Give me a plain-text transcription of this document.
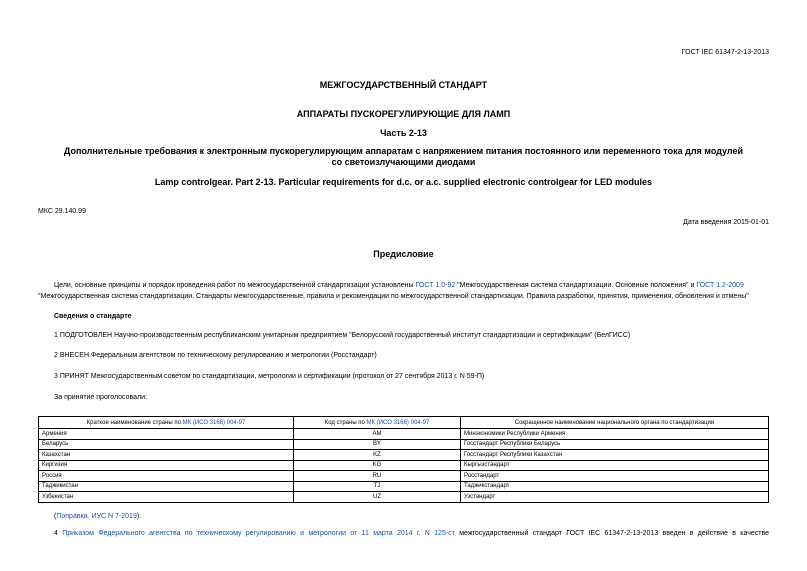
ГОСТ IEC 61347-2-13-2013
МЕЖГОСУДАРСТВЕННЫЙ СТАНДАРТ
АППАРАТЫ ПУСКОРЕГУЛИРУЮЩИЕ ДЛЯ ЛАМП
Часть 2-13
Дополнительные требования к электронным пускорегулирующим аппаратам с напряжением питания постоянного или переменного тока для модулей со светоизлучающими диодами
Lamp controlgear. Part 2-13. Particular requirements for d.c. or a.c. supplied electronic controlgear for LED modules
МКС 29.140.99
Дата введения 2015-01-01
Предисловие
Цели, основные принципы и порядок проведения работ по межгосударственной стандартизации установлены ГОСТ 1.0-92 "Межгосударственная система стандартизации. Основные положения" и ГОСТ 1.2-2009 "Межгосударственная система стандартизации. Стандарты межгосударственные, правила и рекомендации по межгосударственной стандартизации. Правила разработки, принятия, применения, обновления и отмены"
Сведения о стандарте
1 ПОДГОТОВЛЕН Научно-производственным республиканским унитарным предприятием "Белорусский государственный институт стандартизации и сертификации" (БелГИСС)
2 ВНЕСЕН Федеральным агентством по техническому регулированию и метрологии (Росстандарт)
3 ПРИНЯТ Межгосударственным советом по стандартизации, метрологии и сертификации (протокол от 27 сентября 2013 г. N 59-П)
За принятие проголосовали:
Краткое наименование страны по МК (ИСО 3166) 004-97	Код страны по МК (ИСО 3166) 004-97	Сокращенное наименование национального органа по стандартизации
Армения	AM	Минэкономики Республики Армения
Беларусь	BY	Госстандарт Республики Беларусь
Казахстан	KZ	Госстандарт Республики Казахстан
Киргизия	KG	Кыргызстандарт
Россия	RU	Росстандарт
Таджикистан	TJ	Таджикстандарт
Узбекистан	UZ	Узстандарт
(Поправка. ИУС N 7-2019).
4 Приказом Федерального агентства по техническому регулированию и метрологии от 11 марта 2014 г. N 125-ст межгосударственный стандарт ГОСТ IEC 61347-2-13-2013 введен в действие в качестве
